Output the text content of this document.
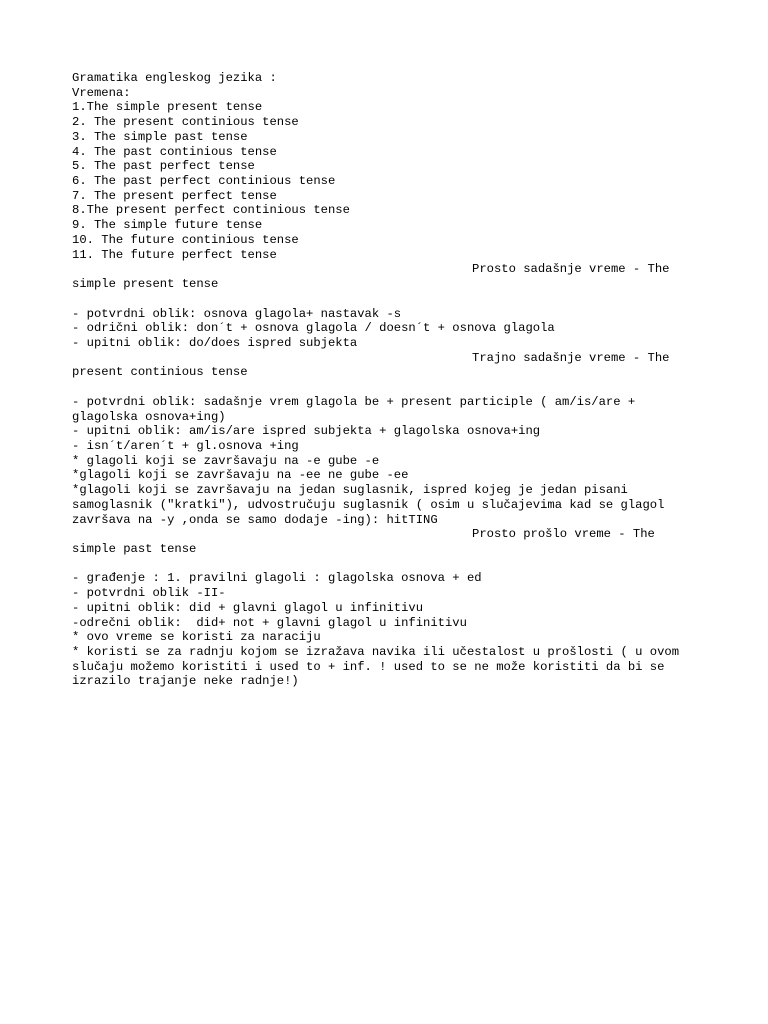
Gramatika engleskog jezika :
Vremena:
1.The simple present tense
2. The present continious tense
3. The simple past tense
4. The past continious tense
5. The past perfect tense
6. The past perfect continious tense
7. The present perfect tense
8.The present perfect continious tense
9. The simple future tense
10. The future continious tense
11. The future perfect tense
Prosto sadašnje vreme - The
simple present tense
- potvrdni oblik: osnova glagola+ nastavak -s
- odrični oblik: don´t + osnova glagola / doesn´t + osnova glagola
- upitni oblik: do/does ispred subjekta
Trajno sadašnje vreme - The
present continious tense
- potvrdni oblik: sadašnje vrem glagola be + present participle ( am/is/are +
glagolska osnova+ing)
- upitni oblik: am/is/are ispred subjekta + glagolska osnova+ing
- isn´t/aren´t + gl.osnova +ing
* glagoli koji se završavaju na -e gube -e
*glagoli koji se završavaju na -ee ne gube -ee
*glagoli koji se završavaju na jedan suglasnik, ispred kojeg je jedan pisani
samoglasnik ("kratki"), udvostručuju suglasnik ( osim u slučajevima kad se glagol
završava na -y ,onda se samo dodaje -ing): hitTING
Prosto prošlo vreme - The
simple past tense
- građenje : 1. pravilni glagoli : glagolska osnova + ed
- potvrdni oblik -II-
- upitni oblik: did + glavni glagol u infinitivu
-odrečni oblik:  did+ not + glavni glagol u infinitivu
* ovo vreme se koristi za naraciju
* koristi se za radnju kojom se izražava navika ili učestalost u prošlosti ( u ovom
slučaju možemo koristiti i used to + inf. ! used to se ne može koristiti da bi se
izrazilo trajanje neke radnje!)
